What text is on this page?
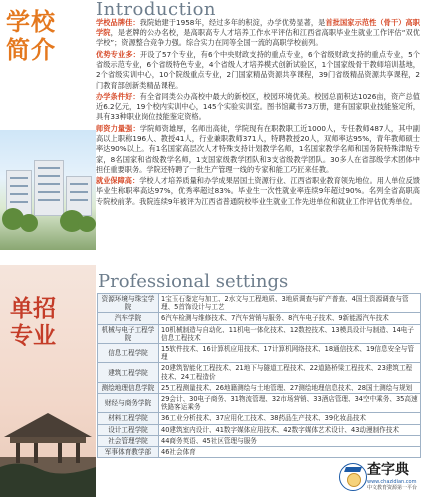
学校
简介
Introduction

学校品牌佳：我院始建于1958年，经过多年的积淀，办学优势显著，是首批国家示范性（骨干）高职学院，是老牌的公办名校，是高职高专人才培养工作水平评估和江西省高职毕业生就业工作评估“双优学校”；资源整合竞争力强。综合实力在同等全国一流的高职学校前列。

优势专业多：开设了57个专业，有6个中央财政支持的重点专业，6个省级财政支持的重点专业，5个省级示范专业，6个省级特色专业，4个省级人才培养模式创新试验区，1个国家级骨干教师培训基地，2个省级实训中心，10个院级重点专业，2门国家精品资源共享课程，39门省级精品资源共享课程，2门教育部创新类精品课程。

办学条件好：有全省同类公办高校中最大的新校区，校园环境优美。校园总面积达1026亩，资产总值近6.2亿元，19个校内实训中心，145个实验实训室。图书馆藏书73万册，建有国家职业技能鉴定所，具有33种职业岗位技能鉴定资格。

师资力量强：学院师资雄厚，名师出高徒，学院现有在职教职工近1000人，专任教师487人，其中副高以上职称196人、教授41人，行业兼职教师371人，特聘教授20人，双师率达95%，青年教师硕士率达90%以上。有1名国家高层次人才特殊支持计划教学名师，1名国家教学名师和国务院特殊津贴专家，8名国家和省级教学名师，1支国家级教学团队和3支省级教学团队。30多人在省部级学术团体中担任重要职务。学院还特聘了一批生产管理一线的专家和能工巧匠来任教。

就业保障高：学校人才培养质量和办学成果居国土资源行业、江西省职业教育领先地位。用人单位反馈毕业生称职率高达97%，优秀率超过83%。毕业生一次性就业率连续9年超过90%。名列全省高职高专院校前茅。我院连续9年被评为江西省普通院校毕业生就业工作先进单位和就业工作评估优秀单位。

单招
专业
Professional settings
资源环境与珠宝学院	1宝玉石鉴定与加工、2水文与工程地质、3地质调查与矿产普查、4国土资源调查与管理、5首饰设计与工艺
汽车学院	6汽车检测与维修技术、7汽车营销与服务、8汽车电子技术、9新能源汽车技术
机械与电子工程学院	10机械制造与自动化、11机电一体化技术、12数控技术、13模具设计与制造、14电子信息工程技术
信息工程学院	15软件技术、16计算机应用技术、17计算机网络技术、18通信技术、19信息安全与管理
建筑工程学院	20建筑智能化工程技术、21地下与隧道工程技术、22道路桥梁工程技术、23建筑工程技术、24工程造价
测绘地理信息学院	25工程测量技术、26地籍测绘与土地管理、27测绘地理信息技术、28国土测绘与规划
财经与商务学院	29会计、30电子商务、31物流管理、32市场营销、33酒店管理、34空中乘务、35高速铁路客运乘务
材料工程学院	36工业分析技术、37应用化工技术、38药品生产技术、39化妆品技术
设计工程学院	40建筑室内设计、41数字媒体应用技术、42数字媒体艺术设计、43动漫制作技术
社会管理学院	44商务英语、45社区管理与服务
军事体育教学部	46社会体育
查字典
www.chazidian.com
中文教育资源第一平台
